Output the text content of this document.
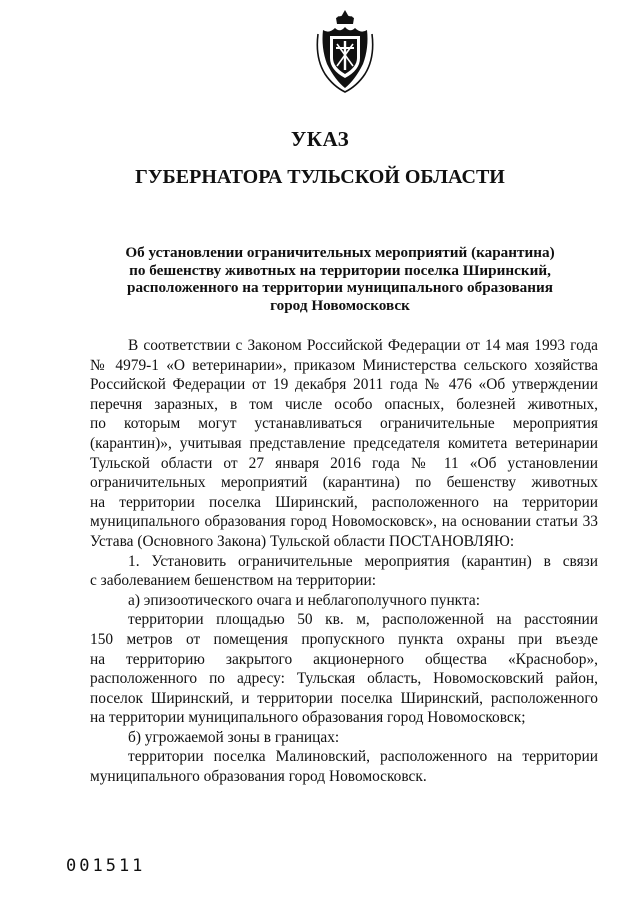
УКАЗ
ГУБЕРНАТОРА ТУЛЬСКОЙ ОБЛАСТИ
Об установлении ограничительных мероприятий (карантина)
по бешенству животных на территории поселка Ширинский,
расположенного на территории муниципального образования
город Новомосковск
В соответствии с Законом Российской Федерации от 14 мая 1993 года
№ 4979-1 «О ветеринарии», приказом Министерства сельского хозяйства
Российской Федерации от 19 декабря 2011 года № 476 «Об утверждении
перечня заразных, в том числе особо опасных, болезней животных,
по которым могут устанавливаться ограничительные мероприятия
(карантин)», учитывая представление председателя комитета ветеринарии
Тульской области от 27 января 2016 года № 11 «Об установлении
ограничительных мероприятий (карантина) по бешенству животных
на территории поселка Ширинский, расположенного на территории
муниципального образования город Новомосковск», на основании статьи 33
Устава (Основного Закона) Тульской области ПОСТАНОВЛЯЮ:
1. Установить ограничительные мероприятия (карантин) в связи
с заболеванием бешенством на территории:
а) эпизоотического очага и неблагополучного пункта:
территории площадью 50 кв. м, расположенной на расстоянии
150 метров от помещения пропускного пункта охраны при въезде
на территорию закрытого акционерного общества «Краснобор»,
расположенного по адресу: Тульская область, Новомосковский район,
поселок Ширинский, и территории поселка Ширинский, расположенного
на территории муниципального образования город Новомосковск;
б) угрожаемой зоны в границах:
территории поселка Малиновский, расположенного на территории
муниципального образования город Новомосковск.
001511
